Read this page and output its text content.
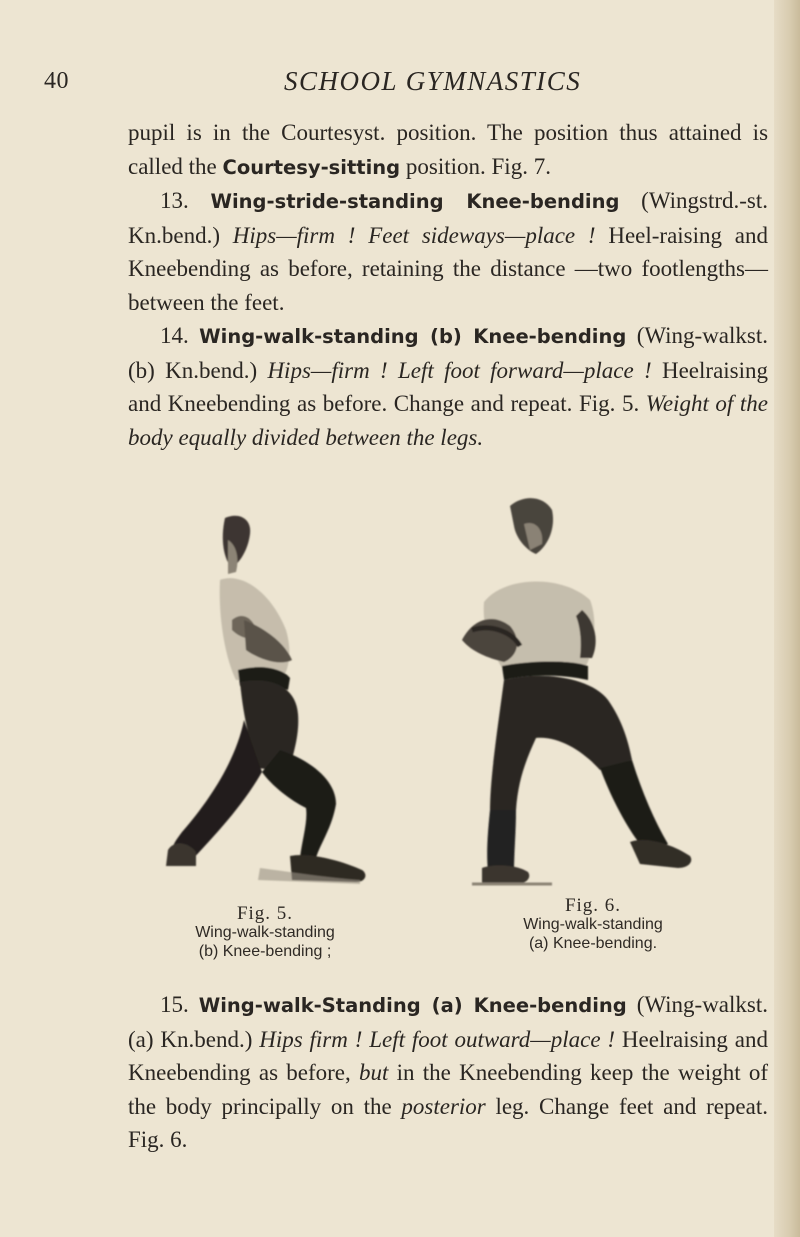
40	SCHOOL GYMNASTICS

pupil is in the Courtesyst. position. The position thus attained is called the Courtesy-sitting position. Fig. 7.

13. Wing-stride-standing Knee-bending (Wingstrd.-st. Kn.bend.) Hips—firm ! Feet sideways—place ! Heel-raising and Kneebending as before, retaining the distance —two footlengths—between the feet.

14. Wing-walk-standing (b) Knee-bending (Wing-walkst. (b) Kn.bend.) Hips—firm ! Left foot forward—place ! Heelraising and Kneebending as before. Change and repeat. Fig. 5. Weight of the body equally divided between the legs.

Fig. 5.
Wing-walk-standing
(b) Knee-bending ;
Fig. 6.
Wing-walk-standing
(a) Knee-bending.

15. Wing-walk-Standing (a) Knee-bending (Wing-walkst. (a) Kn.bend.) Hips firm ! Left foot outward—place ! Heelraising and Kneebending as before, but in the Kneebending keep the weight of the body principally on the posterior leg. Change feet and repeat. Fig. 6.
